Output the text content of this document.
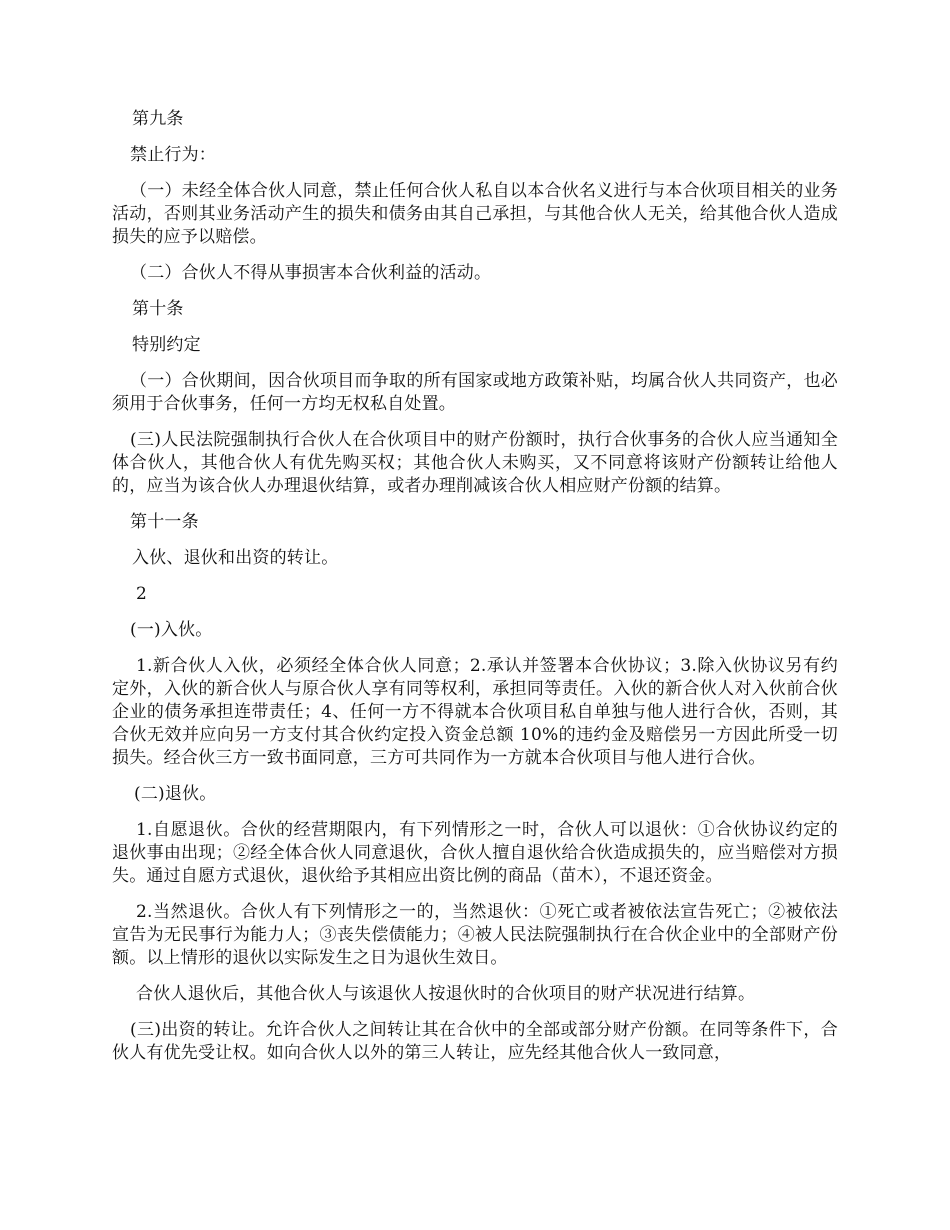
第九条

禁止行为：

（一）未经全体合伙人同意，禁止任何合伙人私自以本合伙名义进行与本合伙项目相关的业务活动，否则其业务活动产生的损失和债务由其自己承担，与其他合伙人无关，给其他合伙人造成损失的应予以赔偿。

（二）合伙人不得从事损害本合伙利益的活动。

第十条

特别约定

（一）合伙期间，因合伙项目而争取的所有国家或地方政策补贴，均属合伙人共同资产，也必须用于合伙事务，任何一方均无权私自处置。

(三)人民法院强制执行合伙人在合伙项目中的财产份额时，执行合伙事务的合伙人应当通知全体合伙人，其他合伙人有优先购买权；其他合伙人未购买，又不同意将该财产份额转让给他人的，应当为该合伙人办理退伙结算，或者办理削减该合伙人相应财产份额的结算。

第十一条

入伙、退伙和出资的转让。

2

(一)入伙。

1.新合伙人入伙，必须经全体合伙人同意；2.承认并签署本合伙协议；3.除入伙协议另有约定外，入伙的新合伙人与原合伙人享有同等权利，承担同等责任。入伙的新合伙人对入伙前合伙企业的债务承担连带责任；4、任何一方不得就本合伙项目私自单独与他人进行合伙，否则，其合伙无效并应向另一方支付其合伙约定投入资金总额 10%的违约金及赔偿另一方因此所受一切损失。经合伙三方一致书面同意，三方可共同作为一方就本合伙项目与他人进行合伙。

(二)退伙。

1.自愿退伙。合伙的经营期限内，有下列情形之一时，合伙人可以退伙：①合伙协议约定的退伙事由出现；②经全体合伙人同意退伙，合伙人擅自退伙给合伙造成损失的，应当赔偿对方损失。通过自愿方式退伙，退伙给予其相应出资比例的商品（苗木），不退还资金。

2.当然退伙。合伙人有下列情形之一的，当然退伙：①死亡或者被依法宣告死亡；②被依法宣告为无民事行为能力人；③丧失偿债能力；④被人民法院强制执行在合伙企业中的全部财产份额。以上情形的退伙以实际发生之日为退伙生效日。

合伙人退伙后，其他合伙人与该退伙人按退伙时的合伙项目的财产状况进行结算。

(三)出资的转让。允许合伙人之间转让其在合伙中的全部或部分财产份额。在同等条件下，合伙人有优先受让权。如向合伙人以外的第三人转让，应先经其他合伙人一致同意，
